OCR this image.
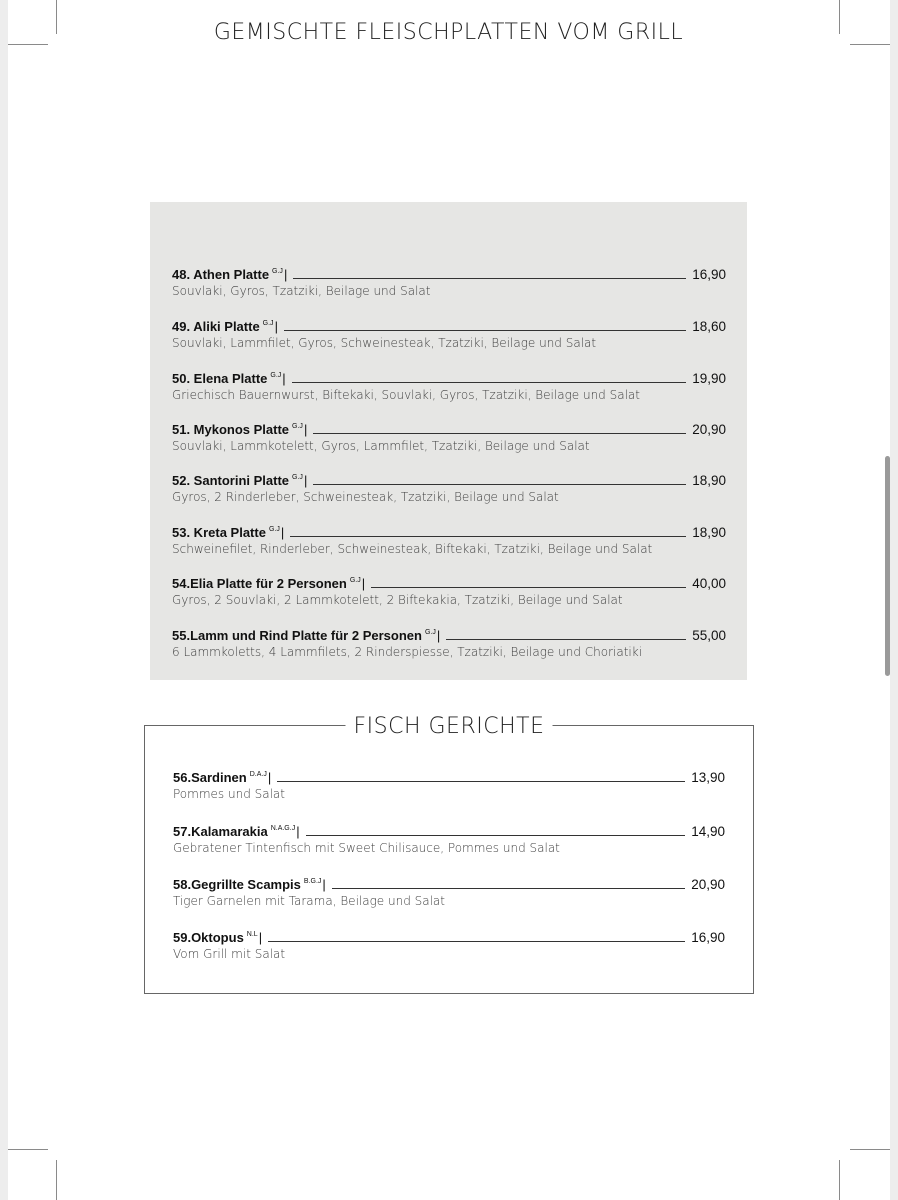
GEMISCHTE FLEISCHPLATTEN VOM GRILL
48. Athen Platte $^{G.J}$|	16,90
Souvlaki, Gyros, Tzatziki, Beilage und Salat
49. Aliki Platte $^{G.J}$|	18,60
Souvlaki, Lammfilet, Gyros, Schweinesteak, Tzatziki, Beilage und Salat
50. Elena Platte $^{G.J}$|	19,90
Griechisch Bauernwurst, Biftekaki, Souvlaki, Gyros, Tzatziki, Beilage und Salat
51. Mykonos Platte $^{G.J}$|	20,90
Souvlaki, Lammkotelett, Gyros, Lammfilet, Tzatziki, Beilage und Salat
52. Santorini Platte $^{G.J}$|	18,90
Gyros, 2 Rinderleber, Schweinesteak, Tzatziki, Beilage und Salat
53. Kreta Platte $^{G.J}$|	18,90
Schweinefilet, Rinderleber, Schweinesteak, Biftekaki, Tzatziki, Beilage und Salat
54.Elia Platte für 2 Personen $^{G.J}$|	40,00
Gyros, 2 Souvlaki, 2 Lammkotelett, 2 Biftekakia, Tzatziki, Beilage und Salat
55.Lamm und Rind Platte für 2 Personen $^{G.J}$|	55,00
6 Lammkoletts, 4 Lammfilets, 2 Rinderspiesse, Tzatziki, Beilage und Choriatiki
FISCH GERICHTE
56.Sardinen $^{D.A.J}$|	13,90
Pommes und Salat
57.Kalamarakia $^{N.A.G.J}$|	14,90
Gebratener Tintenfisch mit Sweet Chilisauce, Pommes und Salat
58.Gegrillte Scampis $^{B.G.J}$|	20,90
Tiger Garnelen mit Tarama, Beilage und Salat
59.Oktopus $^{N.L}$|	16,90
Vom Grill mit Salat
